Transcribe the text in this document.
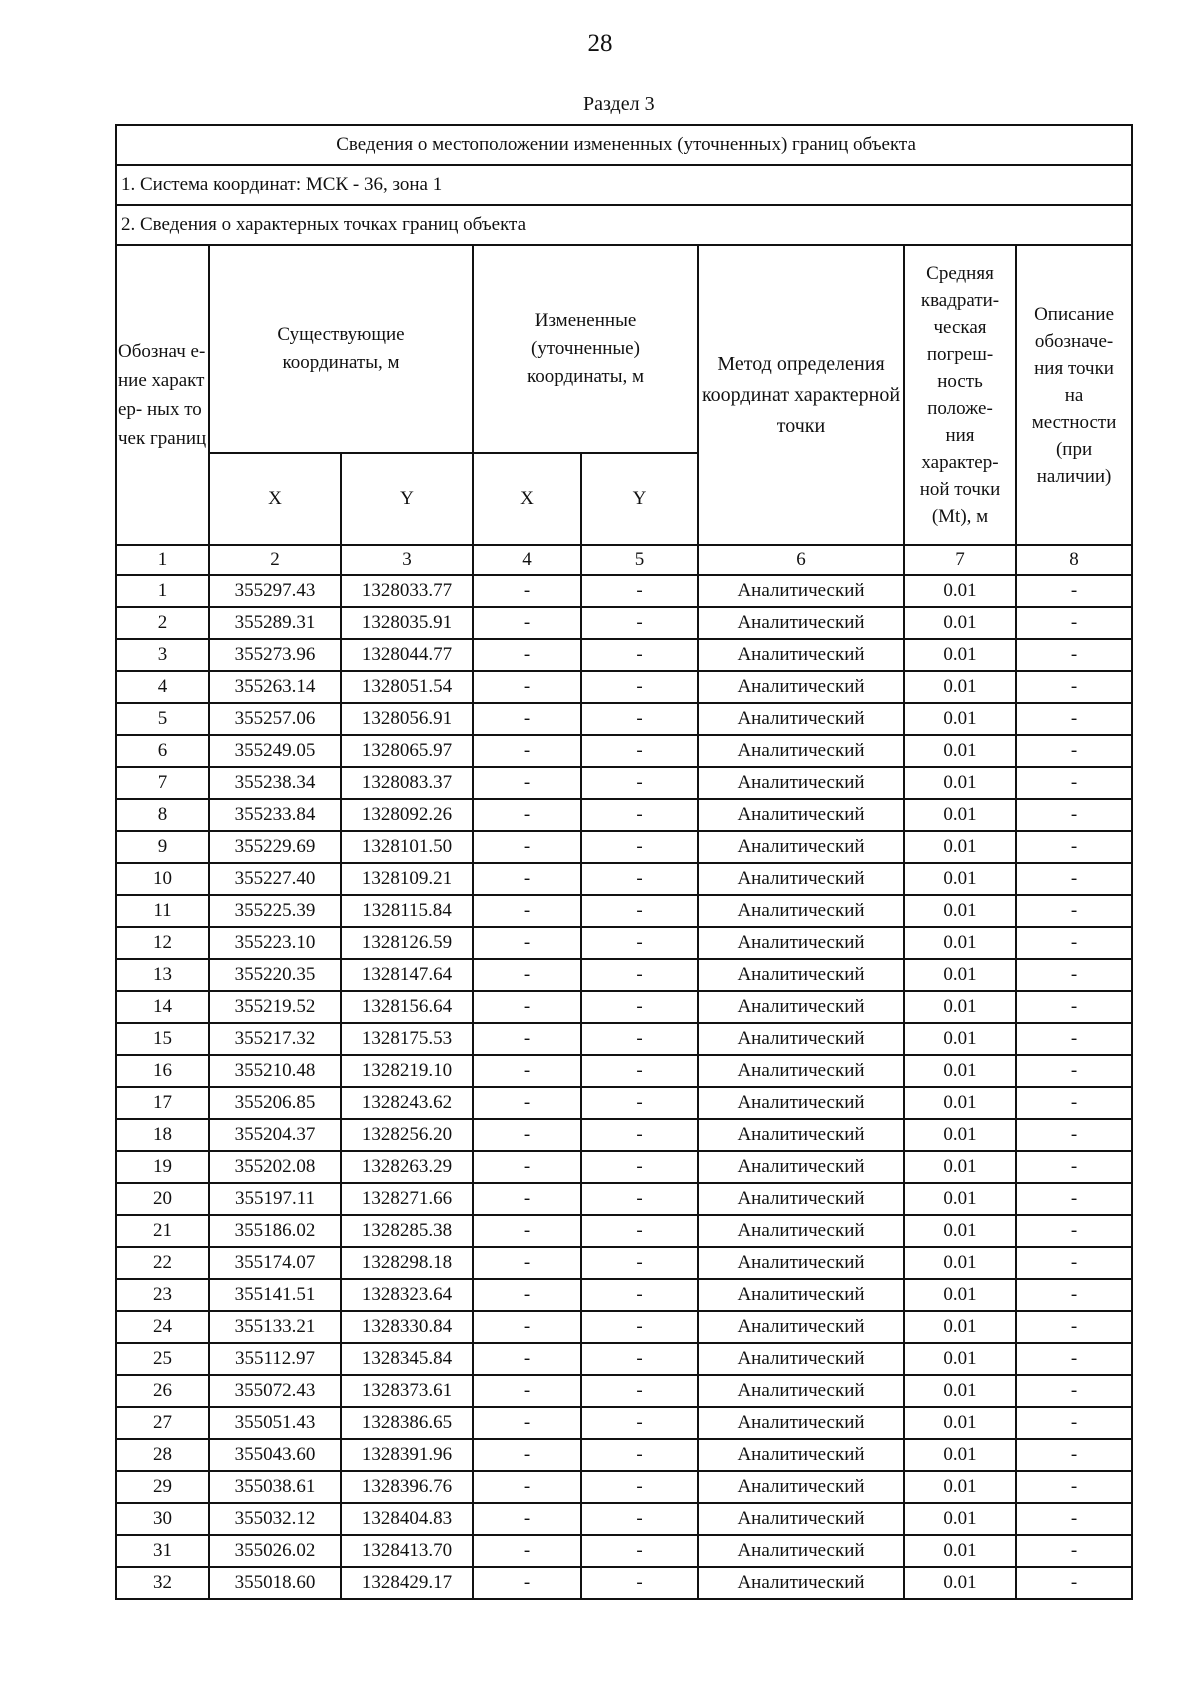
28
Раздел 3
Сведения о местоположении измененных (уточненных) границ объекта							
1. Система координат: МСК - 36, зона 1							
2. Сведения о характерных точках границ объекта							
Обознач е-ние характер- ных точек границ	Существующие координаты, м		Измененные (уточненные) координаты, м		Метод определения координат характерной точки	Средняя квадрати- ческая погреш- ность положе- ния характер- ной точки (Mt), м	Описание обозначе- ния точки на местности (при наличии)
	X	Y	X	Y			
1	2	3	4	5	6	7	8
1	355297.43	1328033.77	-	-	Аналитический	0.01	-
2	355289.31	1328035.91	-	-	Аналитический	0.01	-
3	355273.96	1328044.77	-	-	Аналитический	0.01	-
4	355263.14	1328051.54	-	-	Аналитический	0.01	-
5	355257.06	1328056.91	-	-	Аналитический	0.01	-
6	355249.05	1328065.97	-	-	Аналитический	0.01	-
7	355238.34	1328083.37	-	-	Аналитический	0.01	-
8	355233.84	1328092.26	-	-	Аналитический	0.01	-
9	355229.69	1328101.50	-	-	Аналитический	0.01	-
10	355227.40	1328109.21	-	-	Аналитический	0.01	-
11	355225.39	1328115.84	-	-	Аналитический	0.01	-
12	355223.10	1328126.59	-	-	Аналитический	0.01	-
13	355220.35	1328147.64	-	-	Аналитический	0.01	-
14	355219.52	1328156.64	-	-	Аналитический	0.01	-
15	355217.32	1328175.53	-	-	Аналитический	0.01	-
16	355210.48	1328219.10	-	-	Аналитический	0.01	-
17	355206.85	1328243.62	-	-	Аналитический	0.01	-
18	355204.37	1328256.20	-	-	Аналитический	0.01	-
19	355202.08	1328263.29	-	-	Аналитический	0.01	-
20	355197.11	1328271.66	-	-	Аналитический	0.01	-
21	355186.02	1328285.38	-	-	Аналитический	0.01	-
22	355174.07	1328298.18	-	-	Аналитический	0.01	-
23	355141.51	1328323.64	-	-	Аналитический	0.01	-
24	355133.21	1328330.84	-	-	Аналитический	0.01	-
25	355112.97	1328345.84	-	-	Аналитический	0.01	-
26	355072.43	1328373.61	-	-	Аналитический	0.01	-
27	355051.43	1328386.65	-	-	Аналитический	0.01	-
28	355043.60	1328391.96	-	-	Аналитический	0.01	-
29	355038.61	1328396.76	-	-	Аналитический	0.01	-
30	355032.12	1328404.83	-	-	Аналитический	0.01	-
31	355026.02	1328413.70	-	-	Аналитический	0.01	-
32	355018.60	1328429.17	-	-	Аналитический	0.01	-
